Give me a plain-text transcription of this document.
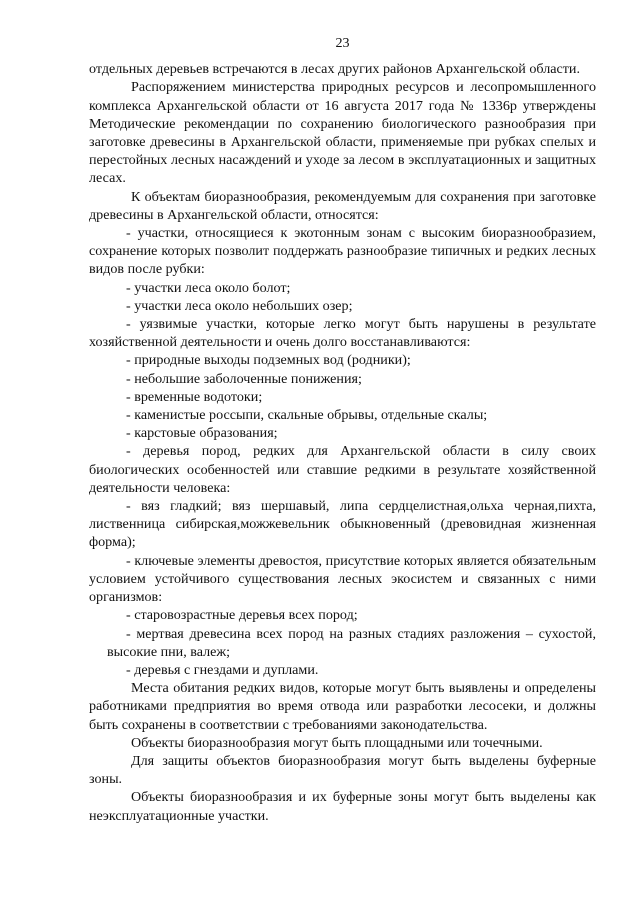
23

отдельных деревьев встречаются в лесах других районов Архангельской области.

Распоряжением министерства природных ресурсов и лесопромышленного комплекса Архангельской области от 16 августа 2017 года № 1336р утверждены Методические рекомендации по сохранению биологического разнообразия при заготовке древесины в Архангельской области, применяемые при рубках спелых и перестойных лесных насаждений и уходе за лесом в эксплуатационных и защитных лесах.

К объектам биоразнообразия, рекомендуемым для сохранения при заготовке древесины в Архангельской области, относятся:

- участки, относящиеся к экотонным зонам с высоким биоразнообразием, сохранение которых позволит поддержать разнообразие типичных и редких лесных видов после рубки:

- участки леса около болот;

- участки леса около небольших озер;

- уязвимые участки, которые легко могут быть нарушены в результате хозяйственной деятельности и очень долго восстанавливаются:

- природные выходы подземных вод (родники);

- небольшие заболоченные понижения;

- временные водотоки;

- каменистые россыпи, скальные обрывы, отдельные скалы;

- карстовые образования;

- деревья пород, редких для Архангельской области в силу своих биологических особенностей или ставшие редкими в результате хозяйственной деятельности человека:

- вяз гладкий; вяз шершавый, липа сердцелистная,ольха черная,пихта, лиственница сибирская,можжевельник обыкновенный (древовидная жизненная форма);

- ключевые элементы древостоя, присутствие которых является обязательным условием устойчивого существования лесных экосистем и связанных с ними организмов:

- старовозрастные деревья всех пород;

- мертвая древесина всех пород на разных стадиях разложения – сухостой, высокие пни, валеж;

- деревья с гнездами и дуплами.

Места обитания редких видов, которые могут быть выявлены и определены работниками предприятия во время отвода или разработки лесосеки, и должны быть сохранены в соответствии с требованиями законодательства.

Объекты биоразнообразия могут быть площадными или точечными.

Для защиты объектов биоразнообразия могут быть выделены буферные зоны.

Объекты биоразнообразия и их буферные зоны могут быть выделены как неэксплуатационные участки.
